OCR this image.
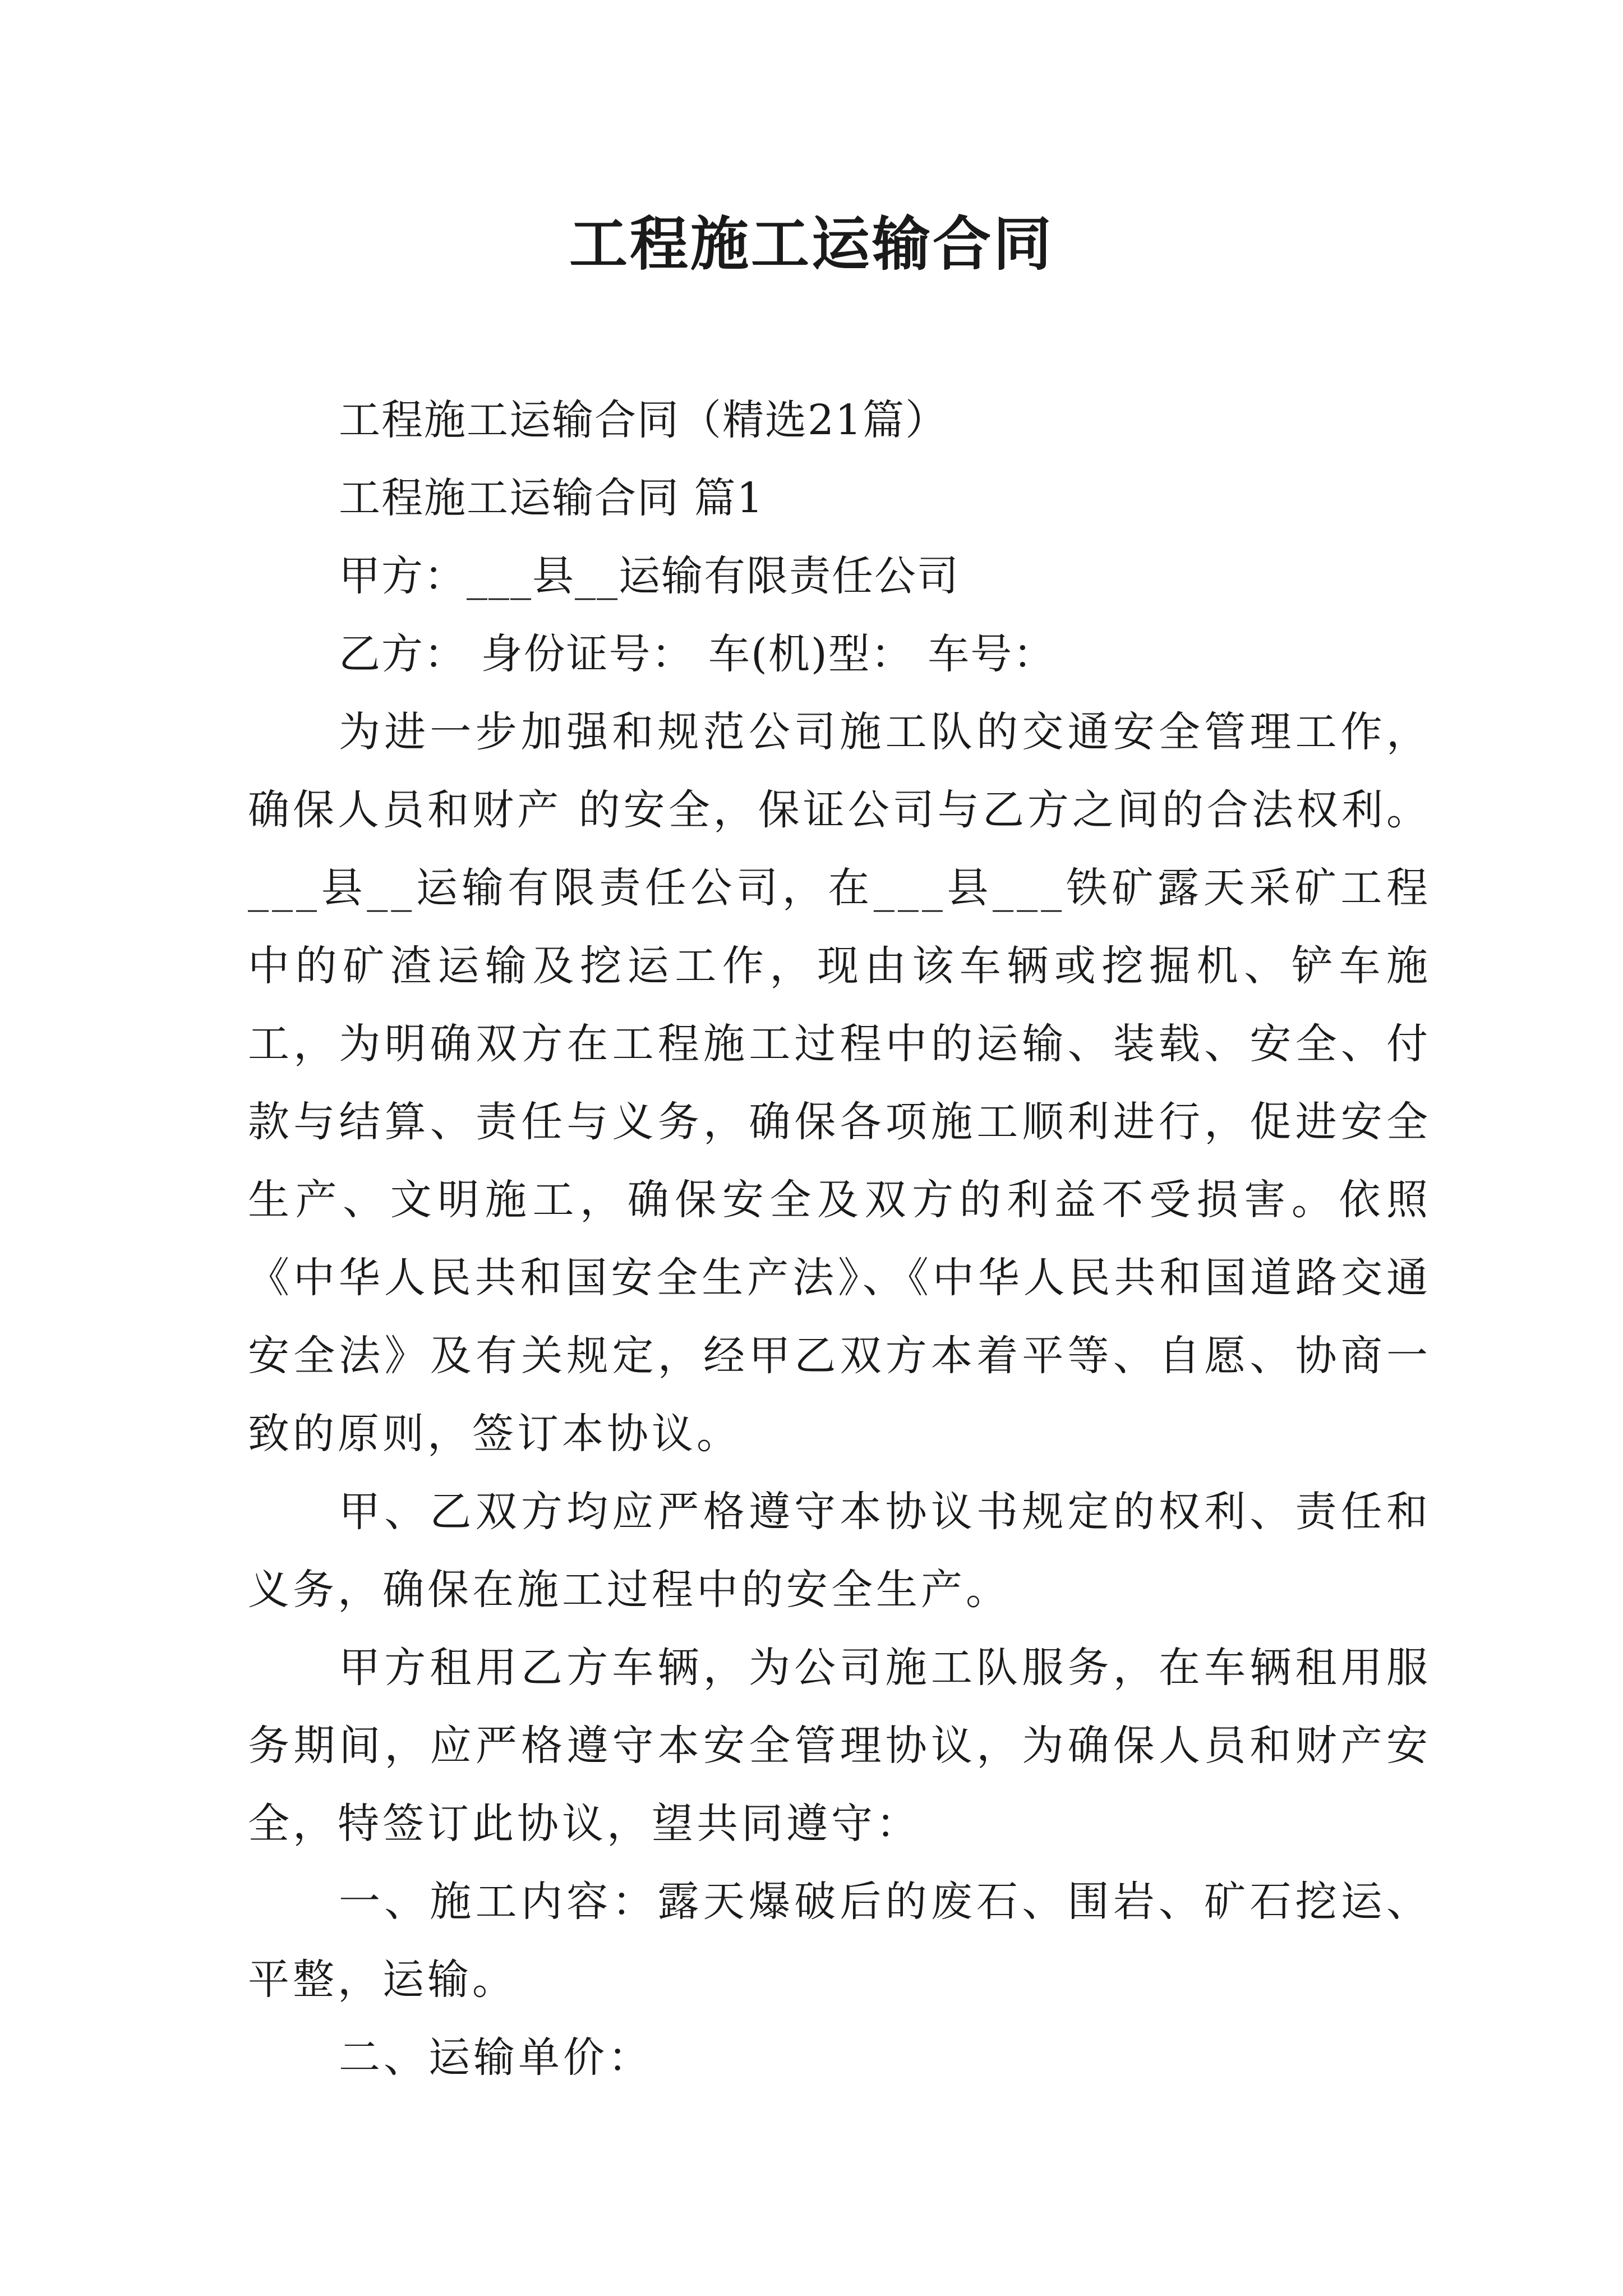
工程施工运输合同

工程施工运输合同（精选21篇）

工程施工运输合同 篇1

甲方：___县__运输有限责任公司

乙方： 身份证号： 车(机)型： 车号：

为进一步加强和规范公司施工队的交通安全管理工作，确保人员和财产 的安全，保证公司与乙方之间的合法权利。___县__运输有限责任公司，在___县___铁矿露天采矿工程中的矿渣运输及挖运工作，现由该车辆或挖掘机、铲车施工，为明确双方在工程施工过程中的运输、装载、安全、付款与结算、责任与义务，确保各项施工顺利进行，促进安全生产、文明施工，确保安全及双方的利益不受损害。依照《中华人民共和国安全生产法》、《中华人民共和国道路交通安全法》及有关规定，经甲乙双方本着平等、自愿、协商一致的原则，签订本协议。

甲、乙双方均应严格遵守本协议书规定的权利、责任和义务，确保在施工过程中的安全生产。

甲方租用乙方车辆，为公司施工队服务，在车辆租用服务期间，应严格遵守本安全管理协议，为确保人员和财产安全，特签订此协议，望共同遵守：

一、施工内容：露天爆破后的废石、围岩、矿石挖运、平整，运输。

二、运输单价：
